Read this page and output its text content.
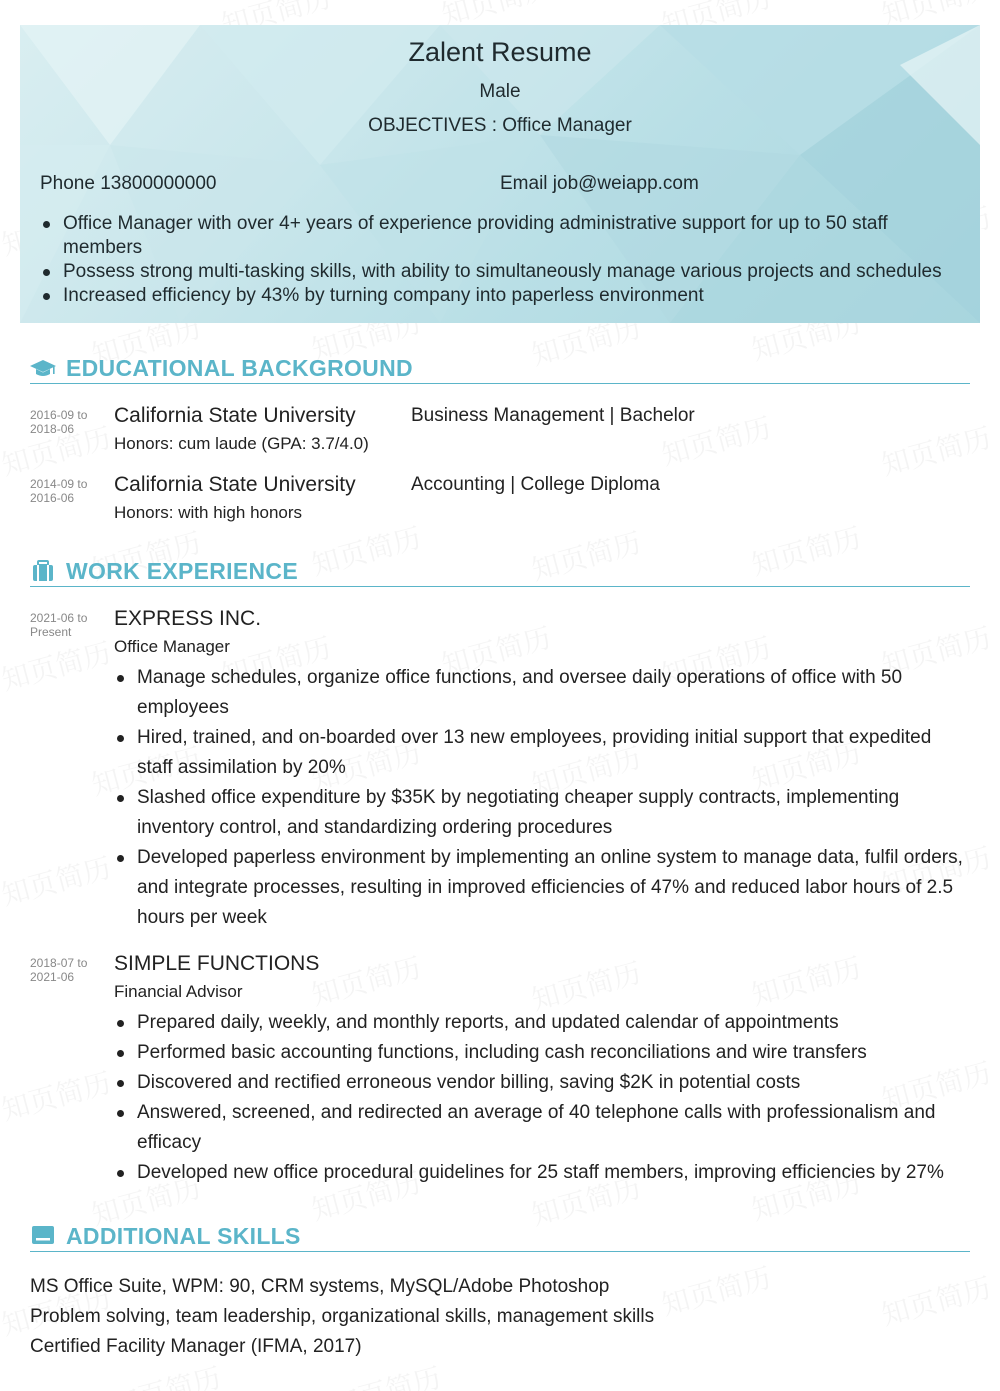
Zalent Resume
Male
OBJECTIVES : Office Manager
Phone 13800000000	Email job@weiapp.com
Office Manager with over 4+ years of experience providing administrative support for up to 50 staff members
Possess strong multi-tasking skills, with ability to simultaneously manage various projects and schedules
Increased efficiency by 43% by turning company into paperless environment
EDUCATIONAL BACKGROUND
2016-09 to 2018-06
California State University	Business Management | Bachelor
Honors: cum laude (GPA: 3.7/4.0)
2014-09 to 2016-06
California State University	Accounting | College Diploma
Honors: with high honors
WORK EXPERIENCE
2021-06 to Present
EXPRESS INC.
Office Manager
Manage schedules, organize office functions, and oversee daily operations of office with 50 employees
Hired, trained, and on-boarded over 13 new employees, providing initial support that expedited staff assimilation by 20%
Slashed office expenditure by $35K by negotiating cheaper supply contracts, implementing inventory control, and standardizing ordering procedures
Developed paperless environment by implementing an online system to manage data, fulfil orders, and integrate processes, resulting in improved efficiencies of 47% and reduced labor hours of 2.5 hours per week
2018-07 to 2021-06
SIMPLE FUNCTIONS
Financial Advisor
Prepared daily, weekly, and monthly reports, and updated calendar of appointments
Performed basic accounting functions, including cash reconciliations and wire transfers
Discovered and rectified erroneous vendor billing, saving $2K in potential costs
Answered, screened, and redirected an average of 40 telephone calls with professionalism and efficacy
Developed new office procedural guidelines for 25 staff members, improving efficiencies by 27%
ADDITIONAL SKILLS
MS Office Suite, WPM: 90, CRM systems, MySQL/Adobe Photoshop
Problem solving, team leadership, organizational skills, management skills
Certified Facility Manager (IFMA, 2017)
